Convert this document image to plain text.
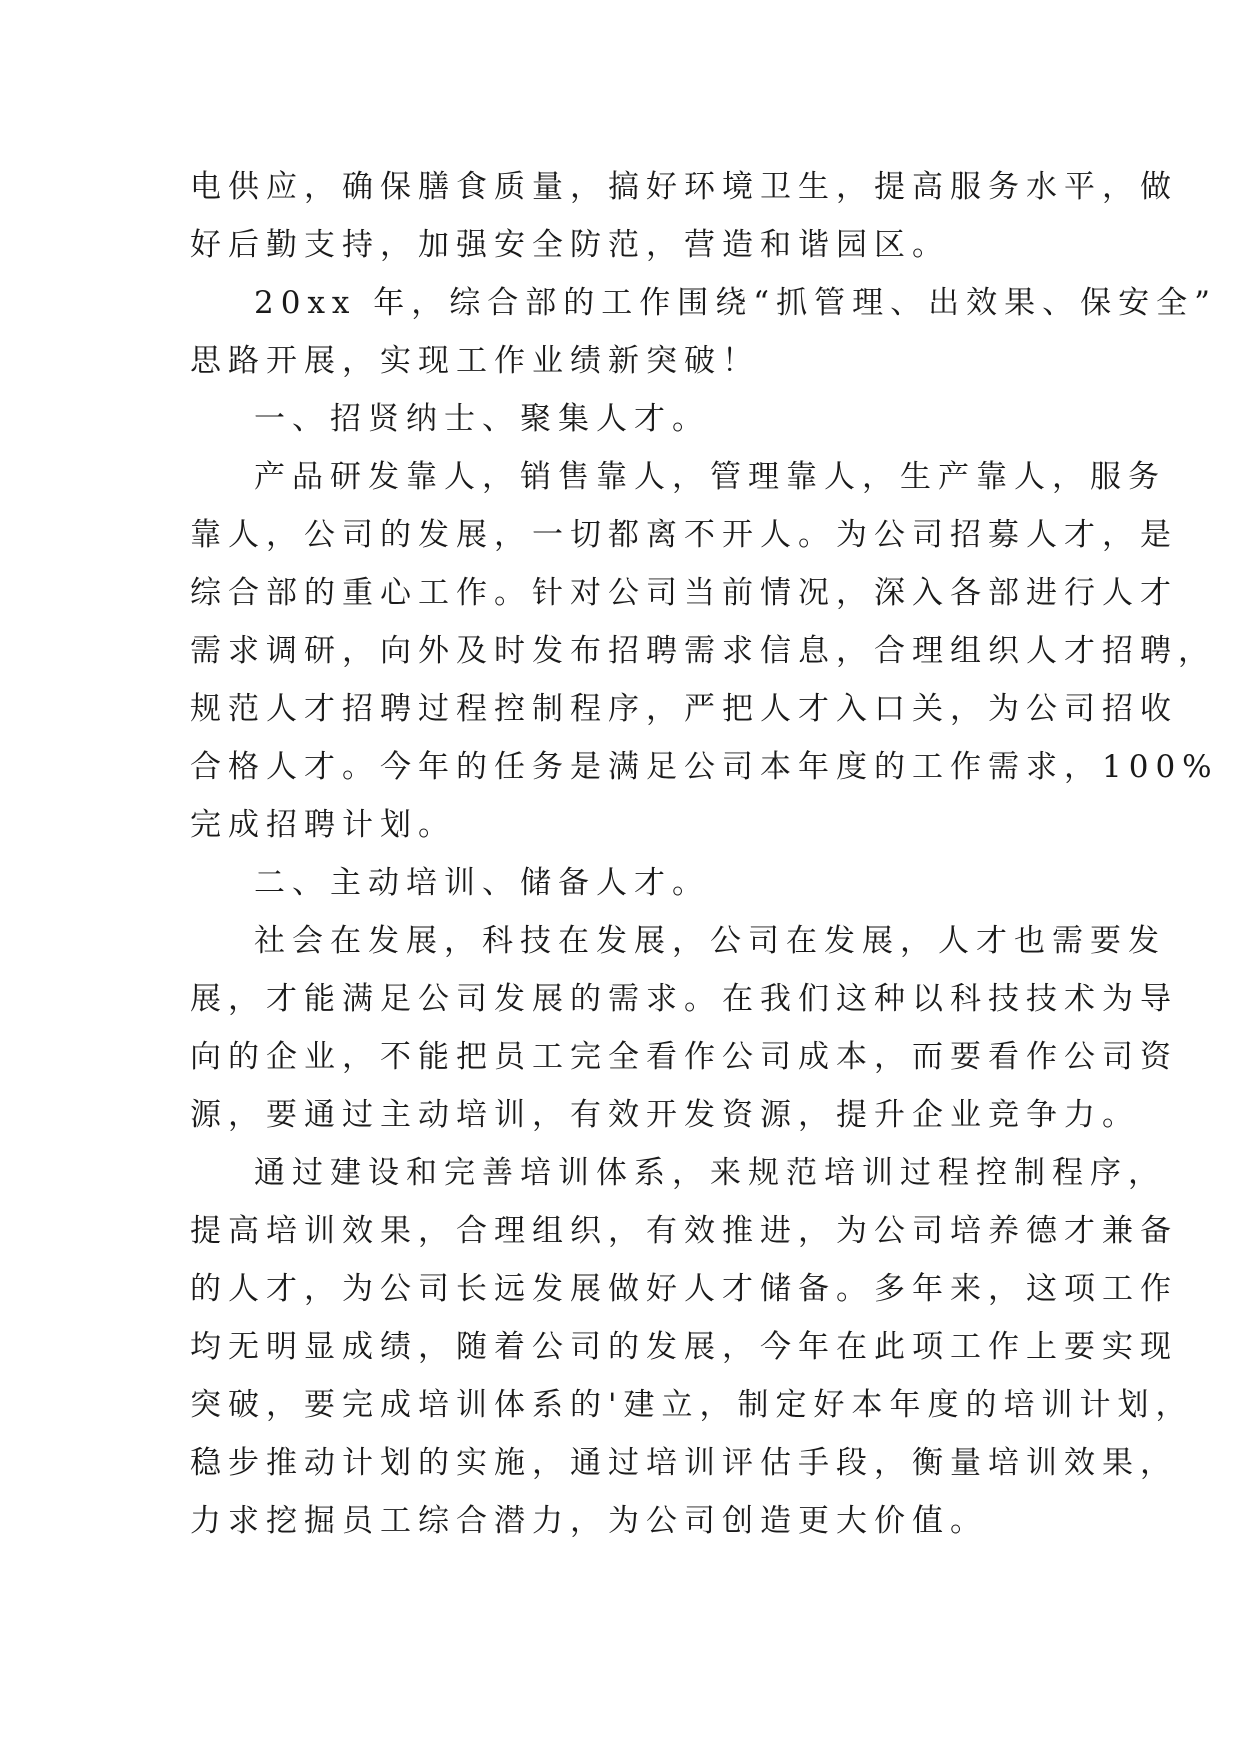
电供应，确保膳食质量，搞好环境卫生，提高服务水平，做
好后勤支持，加强安全防范，营造和谐园区。
20xx 年，综合部的工作围绕“抓管理、出效果、保安全”
思路开展，实现工作业绩新突破！
一、招贤纳士、聚集人才。
产品研发靠人，销售靠人，管理靠人，生产靠人，服务
靠人，公司的发展，一切都离不开人。为公司招募人才，是
综合部的重心工作。针对公司当前情况，深入各部进行人才
需求调研，向外及时发布招聘需求信息，合理组织人才招聘，
规范人才招聘过程控制程序，严把人才入口关，为公司招收
合格人才。今年的任务是满足公司本年度的工作需求，100%
完成招聘计划。
二、主动培训、储备人才。
社会在发展，科技在发展，公司在发展，人才也需要发
展，才能满足公司发展的需求。在我们这种以科技技术为导
向的企业，不能把员工完全看作公司成本，而要看作公司资
源，要通过主动培训，有效开发资源，提升企业竞争力。
通过建设和完善培训体系，来规范培训过程控制程序，
提高培训效果，合理组织，有效推进，为公司培养德才兼备
的人才，为公司长远发展做好人才储备。多年来，这项工作
均无明显成绩，随着公司的发展，今年在此项工作上要实现
突破，要完成培训体系的'建立，制定好本年度的培训计划，
稳步推动计划的实施，通过培训评估手段，衡量培训效果，
力求挖掘员工综合潜力，为公司创造更大价值。
